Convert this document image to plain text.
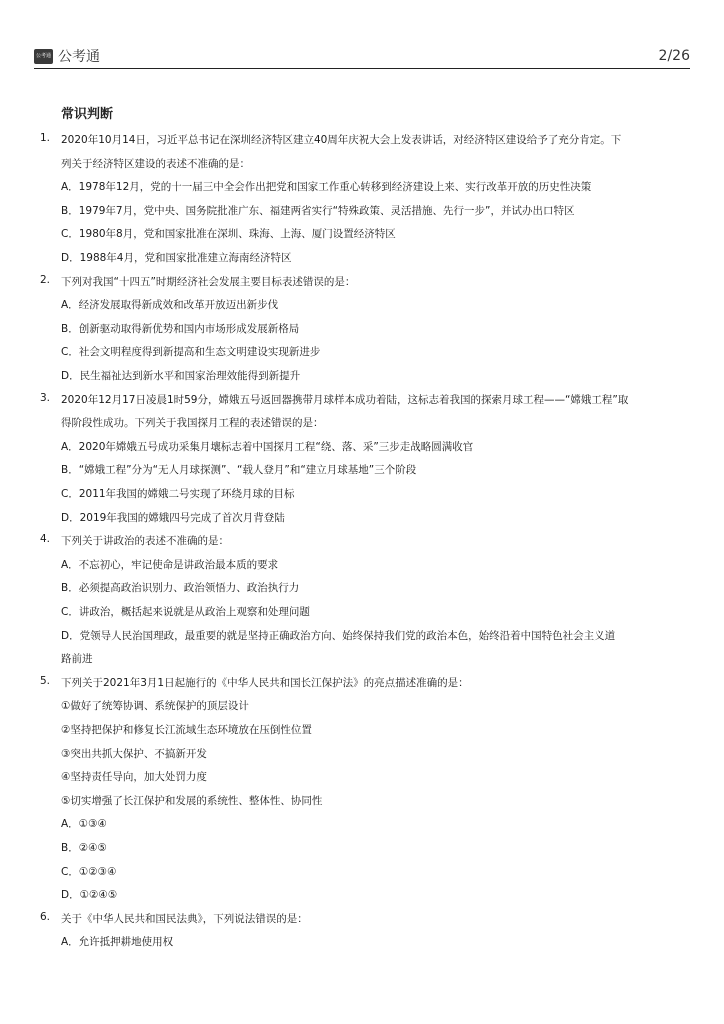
公考通 公考通	2/26
常识判断
1. 2020年10月14日，习近平总书记在深圳经济特区建立40周年庆祝大会上发表讲话，对经济特区建设给予了充分肯定。下
列关于经济特区建设的表述不准确的是：
A．1978年12月，党的十一届三中全会作出把党和国家工作重心转移到经济建设上来、实行改革开放的历史性决策
B．1979年7月，党中央、国务院批准广东、福建两省实行“特殊政策、灵活措施、先行一步”，并试办出口特区
C．1980年8月，党和国家批准在深圳、珠海、上海、厦门设置经济特区
D．1988年4月，党和国家批准建立海南经济特区
2. 下列对我国“十四五”时期经济社会发展主要目标表述错误的是：
A．经济发展取得新成效和改革开放迈出新步伐
B．创新驱动取得新优势和国内市场形成发展新格局
C．社会文明程度得到新提高和生态文明建设实现新进步
D．民生福祉达到新水平和国家治理效能得到新提升
3. 2020年12月17日凌晨1时59分，嫦娥五号返回器携带月球样本成功着陆，这标志着我国的探索月球工程——“嫦娥工程”取
得阶段性成功。下列关于我国探月工程的表述错误的是：
A．2020年嫦娥五号成功采集月壤标志着中国探月工程“绕、落、采”三步走战略圆满收官
B．“嫦娥工程”分为“无人月球探测”、“载人登月”和“建立月球基地”三个阶段
C．2011年我国的嫦娥二号实现了环绕月球的目标
D．2019年我国的嫦娥四号完成了首次月背登陆
4. 下列关于讲政治的表述不准确的是：
A．不忘初心，牢记使命是讲政治最本质的要求
B．必须提高政治识别力、政治领悟力、政治执行力
C．讲政治，概括起来说就是从政治上观察和处理问题
D．党领导人民治国理政，最重要的就是坚持正确政治方向、始终保持我们党的政治本色，始终沿着中国特色社会主义道
路前进
5. 下列关于2021年3月1日起施行的《中华人民共和国长江保护法》的亮点描述准确的是：
①做好了统筹协调、系统保护的顶层设计
②坚持把保护和修复长江流域生态环境放在压倒性位置
③突出共抓大保护、不搞新开发
④坚持责任导向，加大处罚力度
⑤切实增强了长江保护和发展的系统性、整体性、协同性
A．①③④
B．②④⑤
C．①②③④
D．①②④⑤
6. 关于《中华人民共和国民法典》，下列说法错误的是：
A．允许抵押耕地使用权
